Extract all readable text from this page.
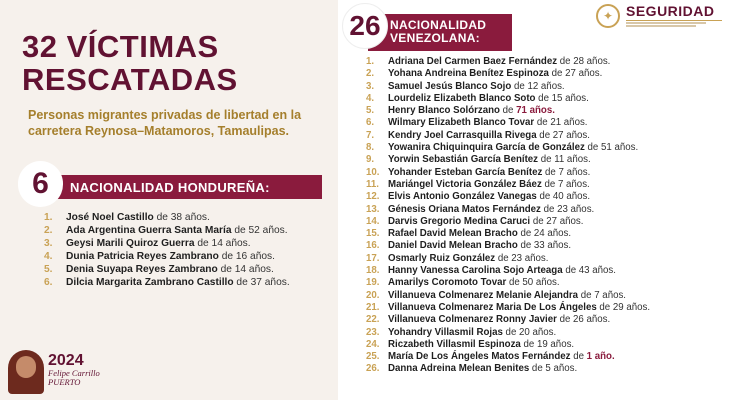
32 VÍCTIMAS
RESCATADAS
Personas migrantes privadas de libertad en la carretera Reynosa–Matamoros, Tamaulipas.
NACIONALIDAD HONDUREÑA:
6
1. José Noel Castillo de 38 años.
2. Ada Argentina Guerra Santa María de 52 años.
3. Geysi Marili Quiroz Guerra de 14 años.
4. Dunia Patricia Reyes Zambrano de 16 años.
5. Denia Suyapa Reyes Zambrano de 14 años.
6. Dilcia Margarita Zambrano Castillo de 37 años.
2024
Felipe Carrillo
PUERTO
NACIONALIDAD
VENEZOLANA:
26	✦ SEGURIDAD
1. Adriana Del Carmen Baez Fernández de 28 años.
2. Yohana Andreina Benítez Espinoza de 27 años.
3. Samuel Jesús Blanco Sojo de 12 años.
4. Lourdeliz Elizabeth Blanco Soto de 15 años.
5. Henry Blanco Solórzano de 71 años.
6. Wilmary Elizabeth Blanco Tovar de 21 años.
7. Kendry Joel Carrasquilla Rivega de 27 años.
8. Yowanira Chiquinquira García de González de 51 años.
9. Yorwin Sebastián García Benítez de 11 años.
10. Yohander Esteban García Benítez de 7 años.
11. Mariángel Victoria González Báez de 7 años.
12. Elvis Antonio González Vanegas de 40 años.
13. Génesis Oriana Matos Fernández de 23 años.
14. Darvis Gregorio Medina Caruci de 27 años.
15. Rafael David Melean Bracho de 24 años.
16. Daniel David Melean Bracho de 33 años.
17. Osmarly Ruiz González de 23 años.
18. Hanny Vanessa Carolina Sojo Arteaga de 43 años.
19. Amarilys Coromoto Tovar de 50 años.
20. Villanueva Colmenarez Melanie Alejandra de 7 años.
21. Villanueva Colmenarez Maria De Los Ángeles de 29 años.
22. Villanueva Colmenarez Ronny Javier de 26 años.
23. Yohandry Villasmil Rojas de 20 años.
24. Riczabeth Villasmil Espinoza de 19 años.
25. María De Los Ángeles Matos Fernández de 1 año.
26. Danna Adreina Melean Benites de 5 años.
